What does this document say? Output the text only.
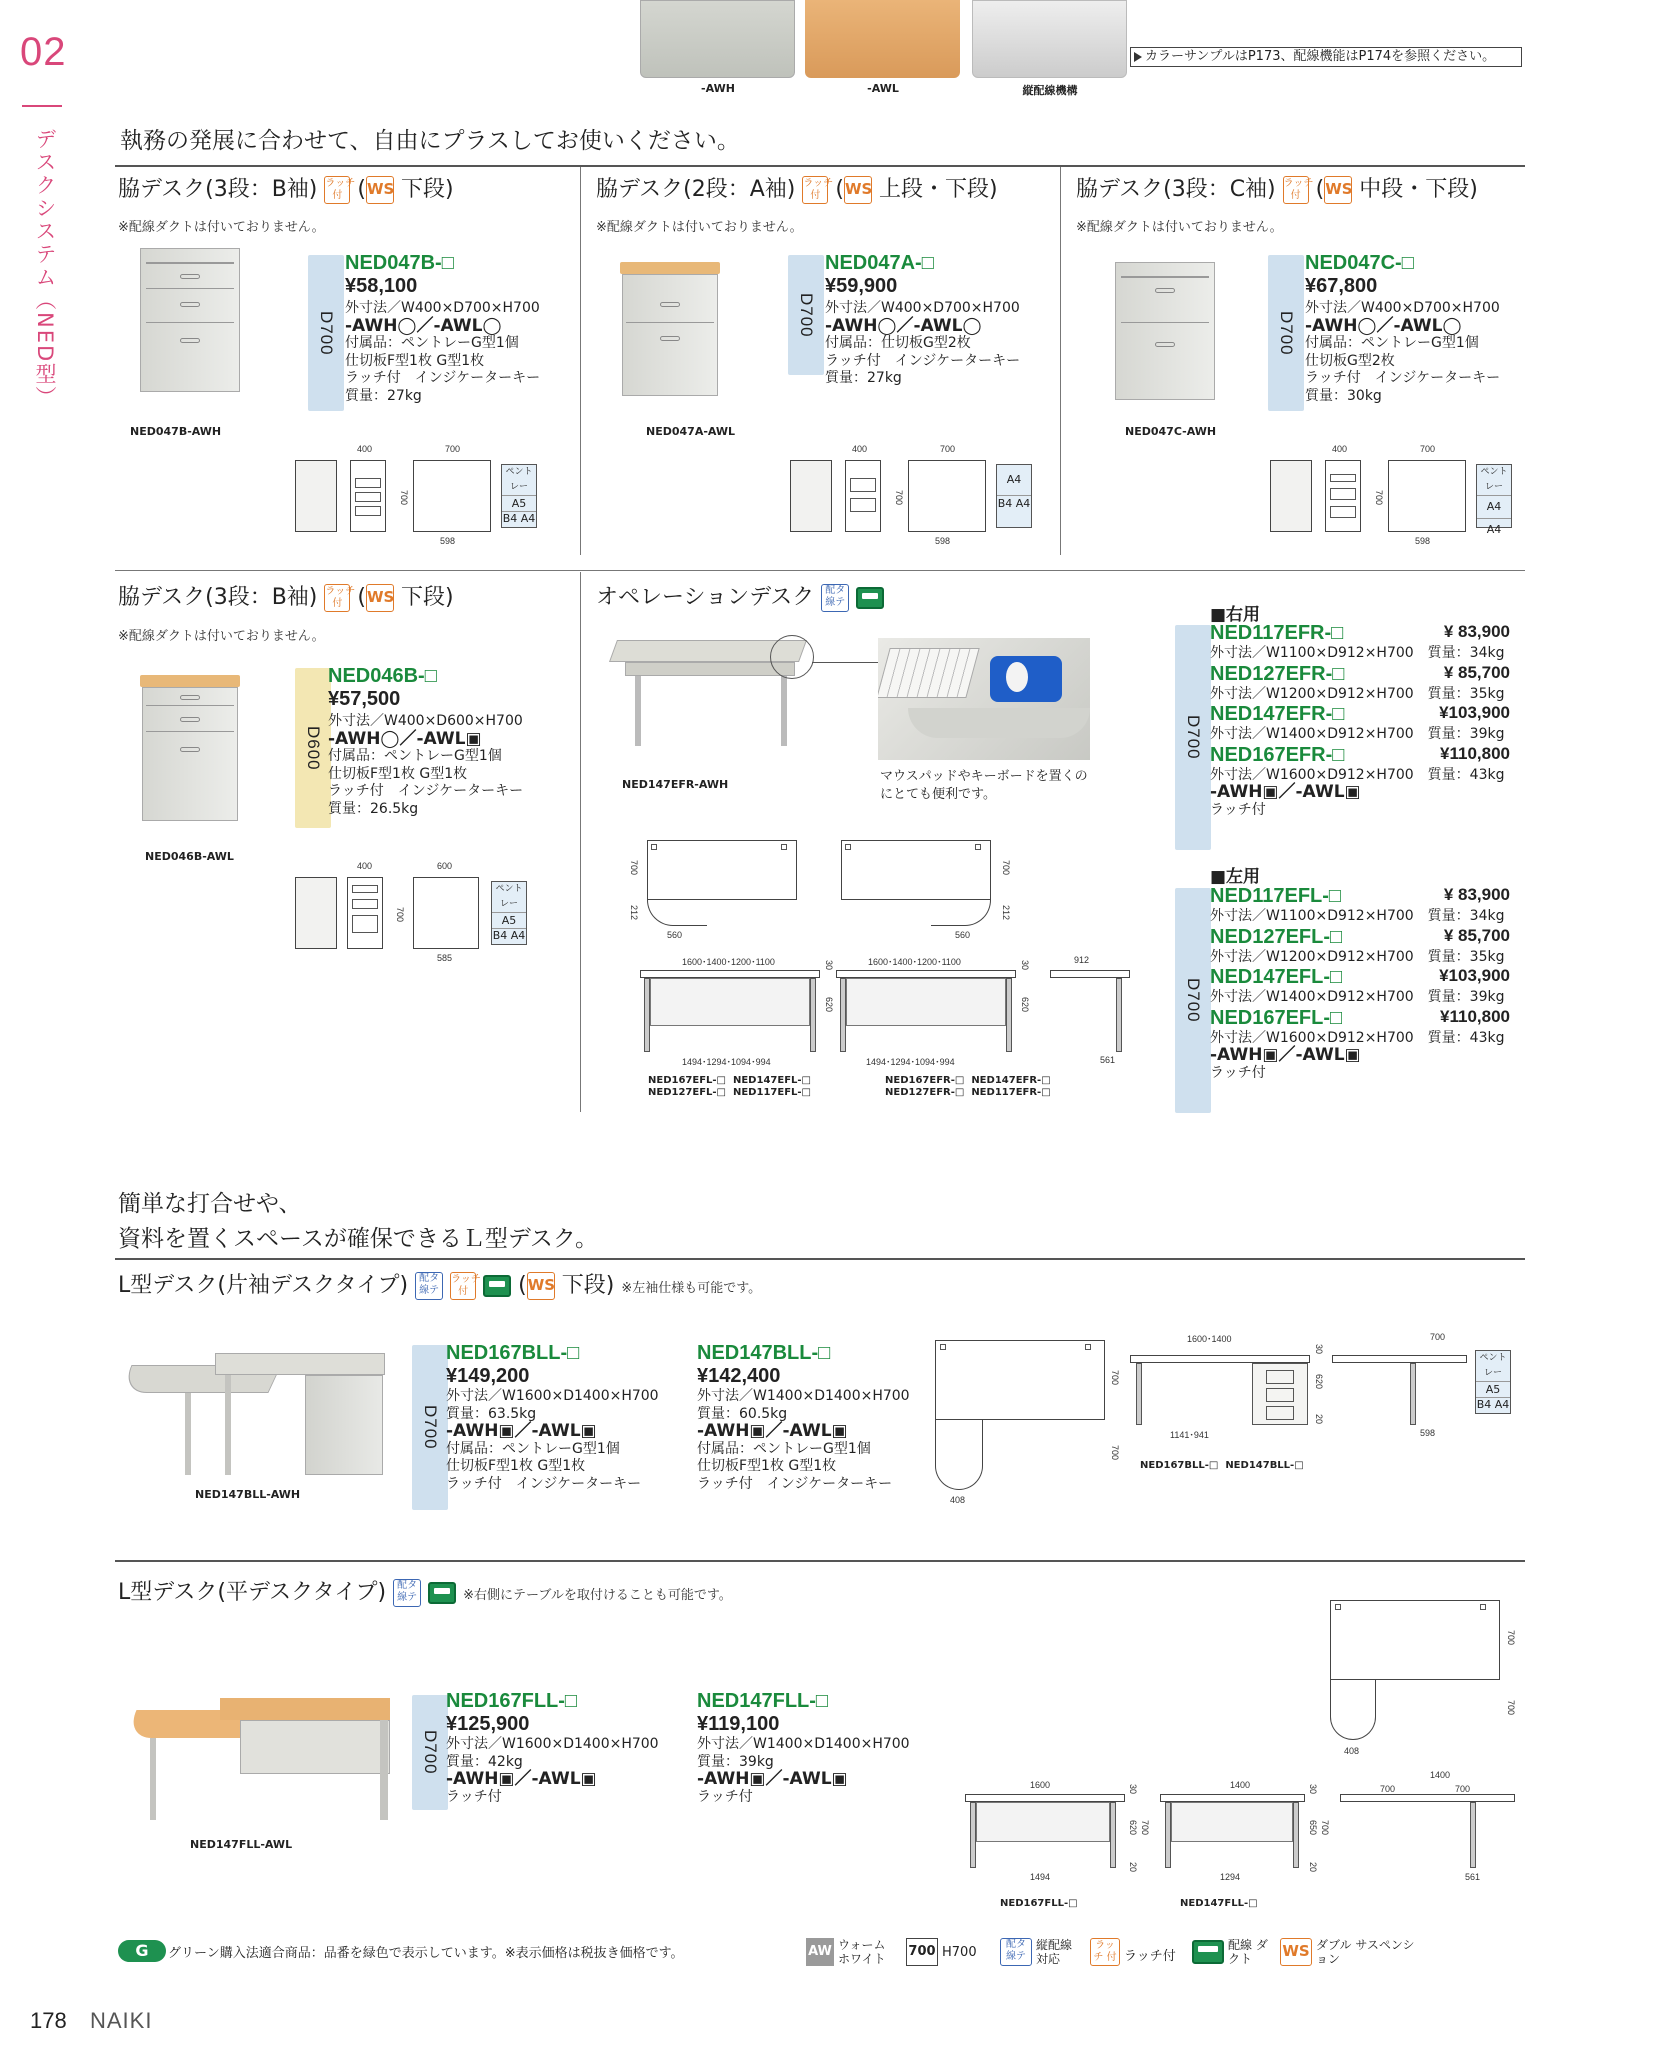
02
デスクシステム（NED型）
-AWH	-AWL	縦配線機構
カラーサンプルはP173、配線機能はP174を参照ください。
執務の発展に合わせて、自由にプラスしてお使いください。
脇デスク(3段：B袖) ラッチ
付 (WS 下段)
※配線ダクトは付いておりません。
NED047B-AWH
D700
NED047B-□
¥58,100
外寸法／W400×D700×H700
-AWH◯／-AWL◯
付属品：ペントレーG型1個
仕切板F型1枚 G型1枚
ラッチ付　インジケーターキー
質量：27kg
400	700
700
598
ペントレー
A5
B4 A4
脇デスク(2段：A袖) ラッチ
付 (WS 上段・下段)
※配線ダクトは付いておりません。
NED047A-AWL
D700
NED047A-□
¥59,900
外寸法／W400×D700×H700
-AWH◯／-AWL◯
付属品：仕切板G型2枚
ラッチ付　インジケーターキー
質量：27kg
400	700
700
598
A4
B4 A4
脇デスク(3段：C袖) ラッチ
付 (WS 中段・下段)
※配線ダクトは付いておりません。
NED047C-AWH
D700
NED047C-□
¥67,800
外寸法／W400×D700×H700
-AWH◯／-AWL◯
付属品：ペントレーG型1個
仕切板G型2枚
ラッチ付　インジケーターキー
質量：30kg
400	700
700
598
ペントレー
A4
A4
脇デスク(3段：B袖) ラッチ
付 (WS 下段)
※配線ダクトは付いておりません。
NED046B-AWL
D600
NED046B-□
¥57,500
外寸法／W400×D600×H700
-AWH◯／-AWL▣
付属品：ペントレーG型1個
仕切板F型1枚 G型1枚
ラッチ付　インジケーターキー
質量：26.5kg
400	600
700
585
ペントレー
A5
B4 A4
オペレーションデスク 配タ
線テ
NED147EFR-AWH
マウスパッドやキーボードを置くのにとても便利です。
700
212
560
700
212
560
1600･1400･1200･1100	30
620
1494･1294･1094･994
1600･1400･1200･1100	30
620
1494･1294･1094･994
912
561
NED167EFL-□ NED147EFL-□
NED127EFL-□ NED117EFL-□
NED167EFR-□ NED147EFR-□
NED127EFR-□ NED117EFR-□
■右用
D700
NED117EFR-□	¥ 83,900
外寸法／W1100×D912×H700　質量：34kg
NED127EFR-□	¥ 85,700
外寸法／W1200×D912×H700　質量：35kg
NED147EFR-□	¥103,900
外寸法／W1400×D912×H700　質量：39kg
NED167EFR-□	¥110,800
外寸法／W1600×D912×H700　質量：43kg
-AWH▣／-AWL▣
ラッチ付
■左用
D700
NED117EFL-□	¥ 83,900
外寸法／W1100×D912×H700　質量：34kg
NED127EFL-□	¥ 85,700
外寸法／W1200×D912×H700　質量：35kg
NED147EFL-□	¥103,900
外寸法／W1400×D912×H700　質量：39kg
NED167EFL-□	¥110,800
外寸法／W1600×D912×H700　質量：43kg
-AWH▣／-AWL▣
ラッチ付
簡単な打合せや、
資料を置くスペースが確保できるＬ型デスク。
L型デスク(片袖デスクタイプ) 配タ
線テ ラッチ
付 (WS 下段) ※左袖仕様も可能です。
NED147BLL-AWH
D700
NED167BLL-□
¥149,200
外寸法／W1600×D1400×H700
質量：63.5kg
-AWH▣／-AWL▣
付属品：ペントレーG型1個
仕切板F型1枚 G型1枚
ラッチ付　インジケーターキー
NED147BLL-□
¥142,400
外寸法／W1400×D1400×H700
質量：60.5kg
-AWH▣／-AWL▣
付属品：ペントレーG型1個
仕切板F型1枚 G型1枚
ラッチ付　インジケーターキー
700
700
408
1600･1400
1141･941
30
620
20
700
598
ペントレー
A5
B4 A4
NED167BLL-□ NED147BLL-□
L型デスク(平デスクタイプ) 配タ
線テ	※右側にテーブルを取付けることも可能です。
NED147FLL-AWL
D700
NED167FLL-□
¥125,900
外寸法／W1600×D1400×H700
質量：42kg
-AWH▣／-AWL▣
ラッチ付
NED147FLL-□
¥119,100
外寸法／W1400×D1400×H700
質量：39kg
-AWH▣／-AWL▣
ラッチ付
700
700
408
1600	30
620 700
20
1494
1400	30
650 700
20
1294
1400
700	700
561
NED167FLL-□	NED147FLL-□
G	グリーン購入法適合商品：品番を緑色で表示しています。※表示価格は税抜き価格です。	AW ウォーム ホワイト	700 H700
配タ 線テ
縦配線 対応
ラッチ 付 ラッチ付
配線 ダクト	WS ダブル サスペンション
178 NAIKI
